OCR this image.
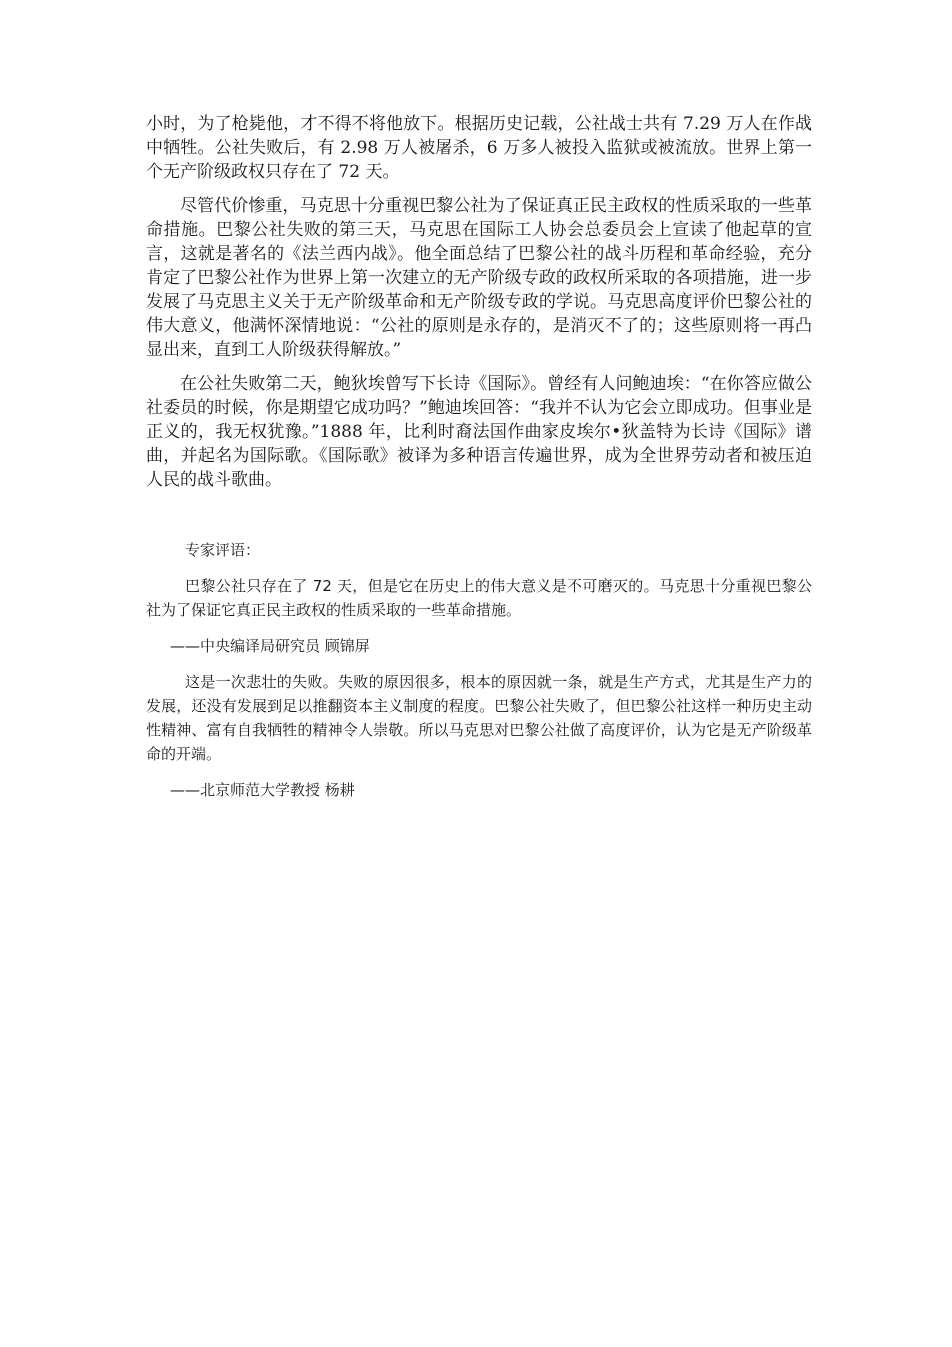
小时，为了枪毙他，才不得不将他放下。根据历史记载，公社战士共有 7.29 万人在作战中牺牲。公社失败后，有 2.98 万人被屠杀，6 万多人被投入监狱或被流放。世界上第一个无产阶级政权只存在了 72 天。

尽管代价惨重，马克思十分重视巴黎公社为了保证真正民主政权的性质采取的一些革命措施。巴黎公社失败的第三天，马克思在国际工人协会总委员会上宣读了他起草的宣言，这就是著名的《法兰西内战》。他全面总结了巴黎公社的战斗历程和革命经验，充分肯定了巴黎公社作为世界上第一次建立的无产阶级专政的政权所采取的各项措施，进一步发展了马克思主义关于无产阶级革命和无产阶级专政的学说。马克思高度评价巴黎公社的伟大意义，他满怀深情地说：“公社的原则是永存的，是消灭不了的；这些原则将一再凸显出来，直到工人阶级获得解放。”

在公社失败第二天，鲍狄埃曾写下长诗《国际》。曾经有人问鲍迪埃：“在你答应做公社委员的时候，你是期望它成功吗？”鲍迪埃回答：“我并不认为它会立即成功。但事业是正义的，我无权犹豫。”1888 年，比利时裔法国作曲家皮埃尔•狄盖特为长诗《国际》谱曲，并起名为国际歌。《国际歌》被译为多种语言传遍世界，成为全世界劳动者和被压迫人民的战斗歌曲。

专家评语：

巴黎公社只存在了 72 天，但是它在历史上的伟大意义是不可磨灭的。马克思十分重视巴黎公社为了保证它真正民主政权的性质采取的一些革命措施。

——中央编译局研究员 顾锦屏

这是一次悲壮的失败。失败的原因很多，根本的原因就一条，就是生产方式，尤其是生产力的发展，还没有发展到足以推翻资本主义制度的程度。巴黎公社失败了，但巴黎公社这样一种历史主动性精神、富有自我牺牲的精神令人崇敬。所以马克思对巴黎公社做了高度评价，认为它是无产阶级革命的开端。

——北京师范大学教授 杨耕
